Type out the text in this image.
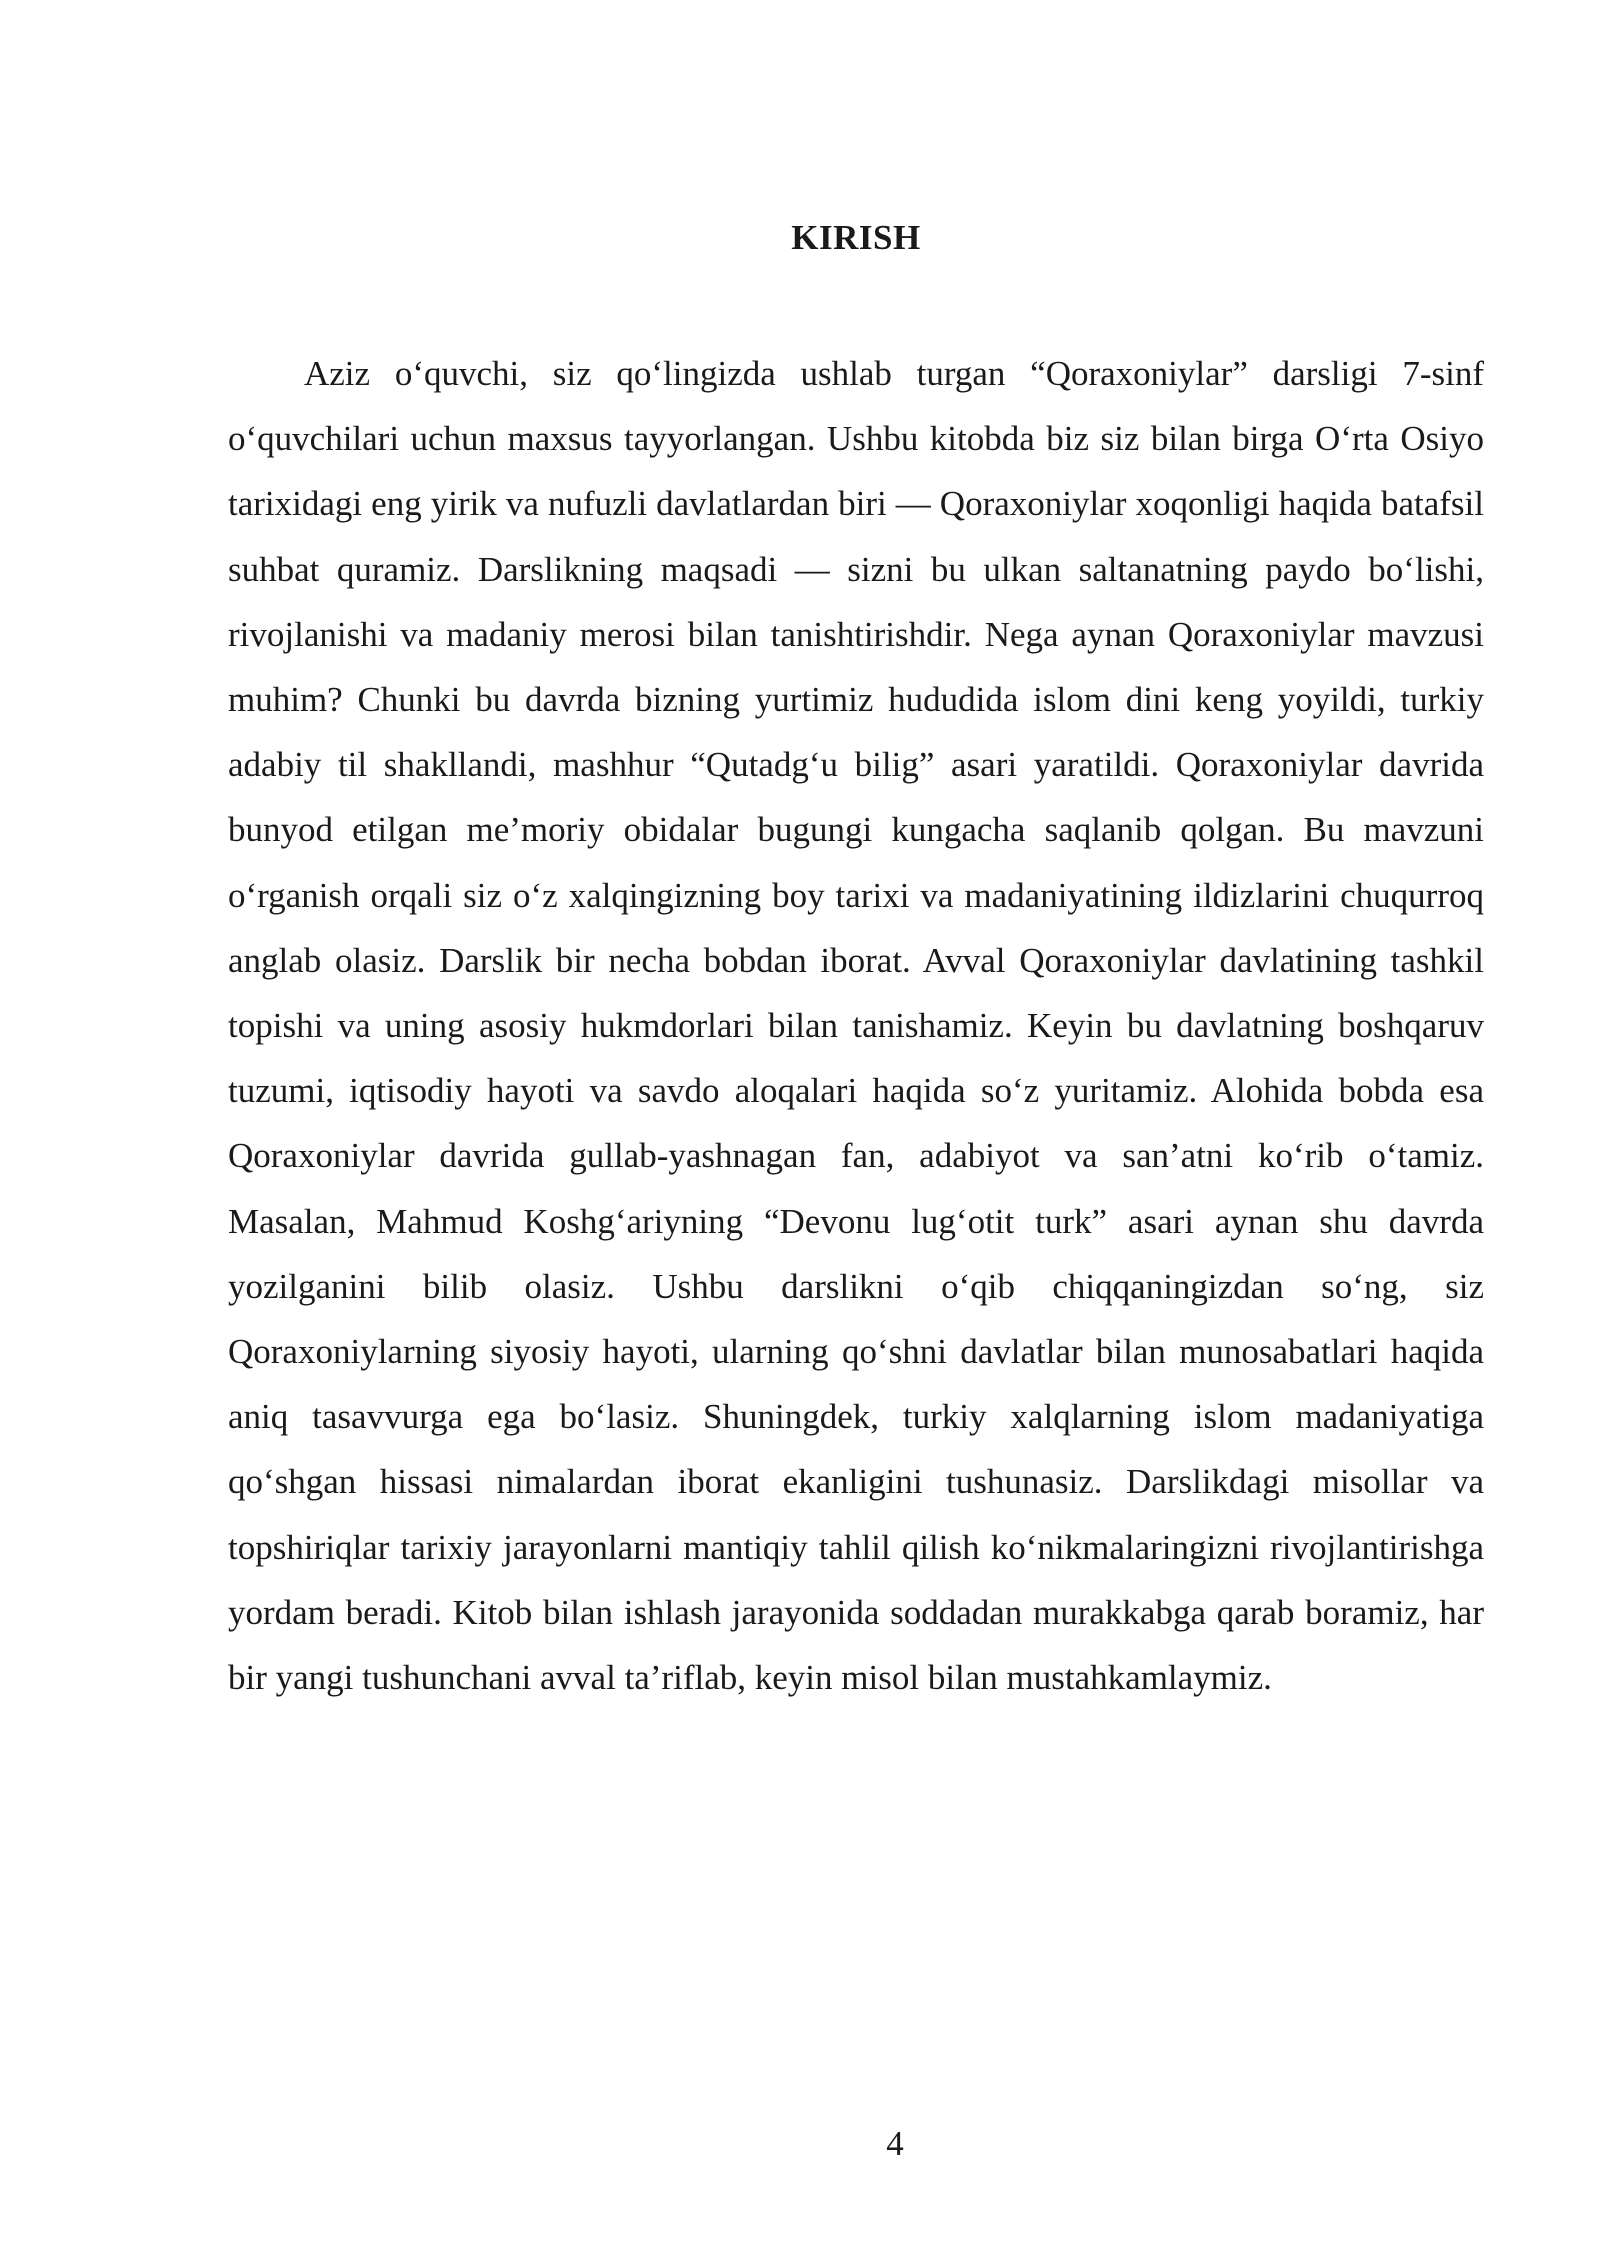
KIRISH

Aziz o‘quvchi, siz qo‘lingizda ushlab turgan “Qoraxoniylar” darsligi 7-sinf o‘quvchilari uchun maxsus tayyorlangan. Ushbu kitobda biz siz bilan birga O‘rta Osiyo tarixidagi eng yirik va nufuzli davlatlardan biri — Qoraxoniylar xoqonligi haqida batafsil suhbat quramiz. Darslikning maqsadi — sizni bu ulkan saltanatning paydo bo‘lishi, rivojlanishi va madaniy merosi bilan tanishtirishdir. Nega aynan Qoraxoniylar mavzusi muhim? Chunki bu davrda bizning yurtimiz hududida islom dini keng yoyildi, turkiy adabiy til shakllandi, mashhur “Qutadg‘u bilig” asari yaratildi. Qoraxoniylar davrida bunyod etilgan me’moriy obidalar bugungi kungacha saqlanib qolgan. Bu mavzuni o‘rganish orqali siz o‘z xalqingizning boy tarixi va madaniyatining ildizlarini chuqurroq anglab olasiz. Darslik bir necha bobdan iborat. Avval Qoraxoniylar davlatining tashkil topishi va uning asosiy hukmdorlari bilan tanishamiz. Keyin bu davlatning boshqaruv tuzumi, iqtisodiy hayoti va savdo aloqalari haqida so‘z yuritamiz. Alohida bobda esa Qoraxoniylar davrida gullab-yashnagan fan, adabiyot va san’atni ko‘rib o‘tamiz. Masalan, Mahmud Koshg‘ariyning “Devonu lug‘otit turk” asari aynan shu davrda yozilganini bilib olasiz. Ushbu darslikni o‘qib chiqqaningizdan so‘ng, siz Qoraxoniylarning siyosiy hayoti, ularning qo‘shni davlatlar bilan munosabatlari haqida aniq tasavvurga ega bo‘lasiz. Shuningdek, turkiy xalqlarning islom madaniyatiga qo‘shgan hissasi nimalardan iborat ekanligini tushunasiz. Darslikdagi misollar va topshiriqlar tarixiy jarayonlarni mantiqiy tahlil qilish ko‘nikmalaringizni rivojlantirishga yordam beradi. Kitob bilan ishlash jarayonida soddadan murakkabga qarab boramiz, har bir yangi tushunchani avval ta’riflab, keyin misol bilan mustahkamlaymiz.

4
